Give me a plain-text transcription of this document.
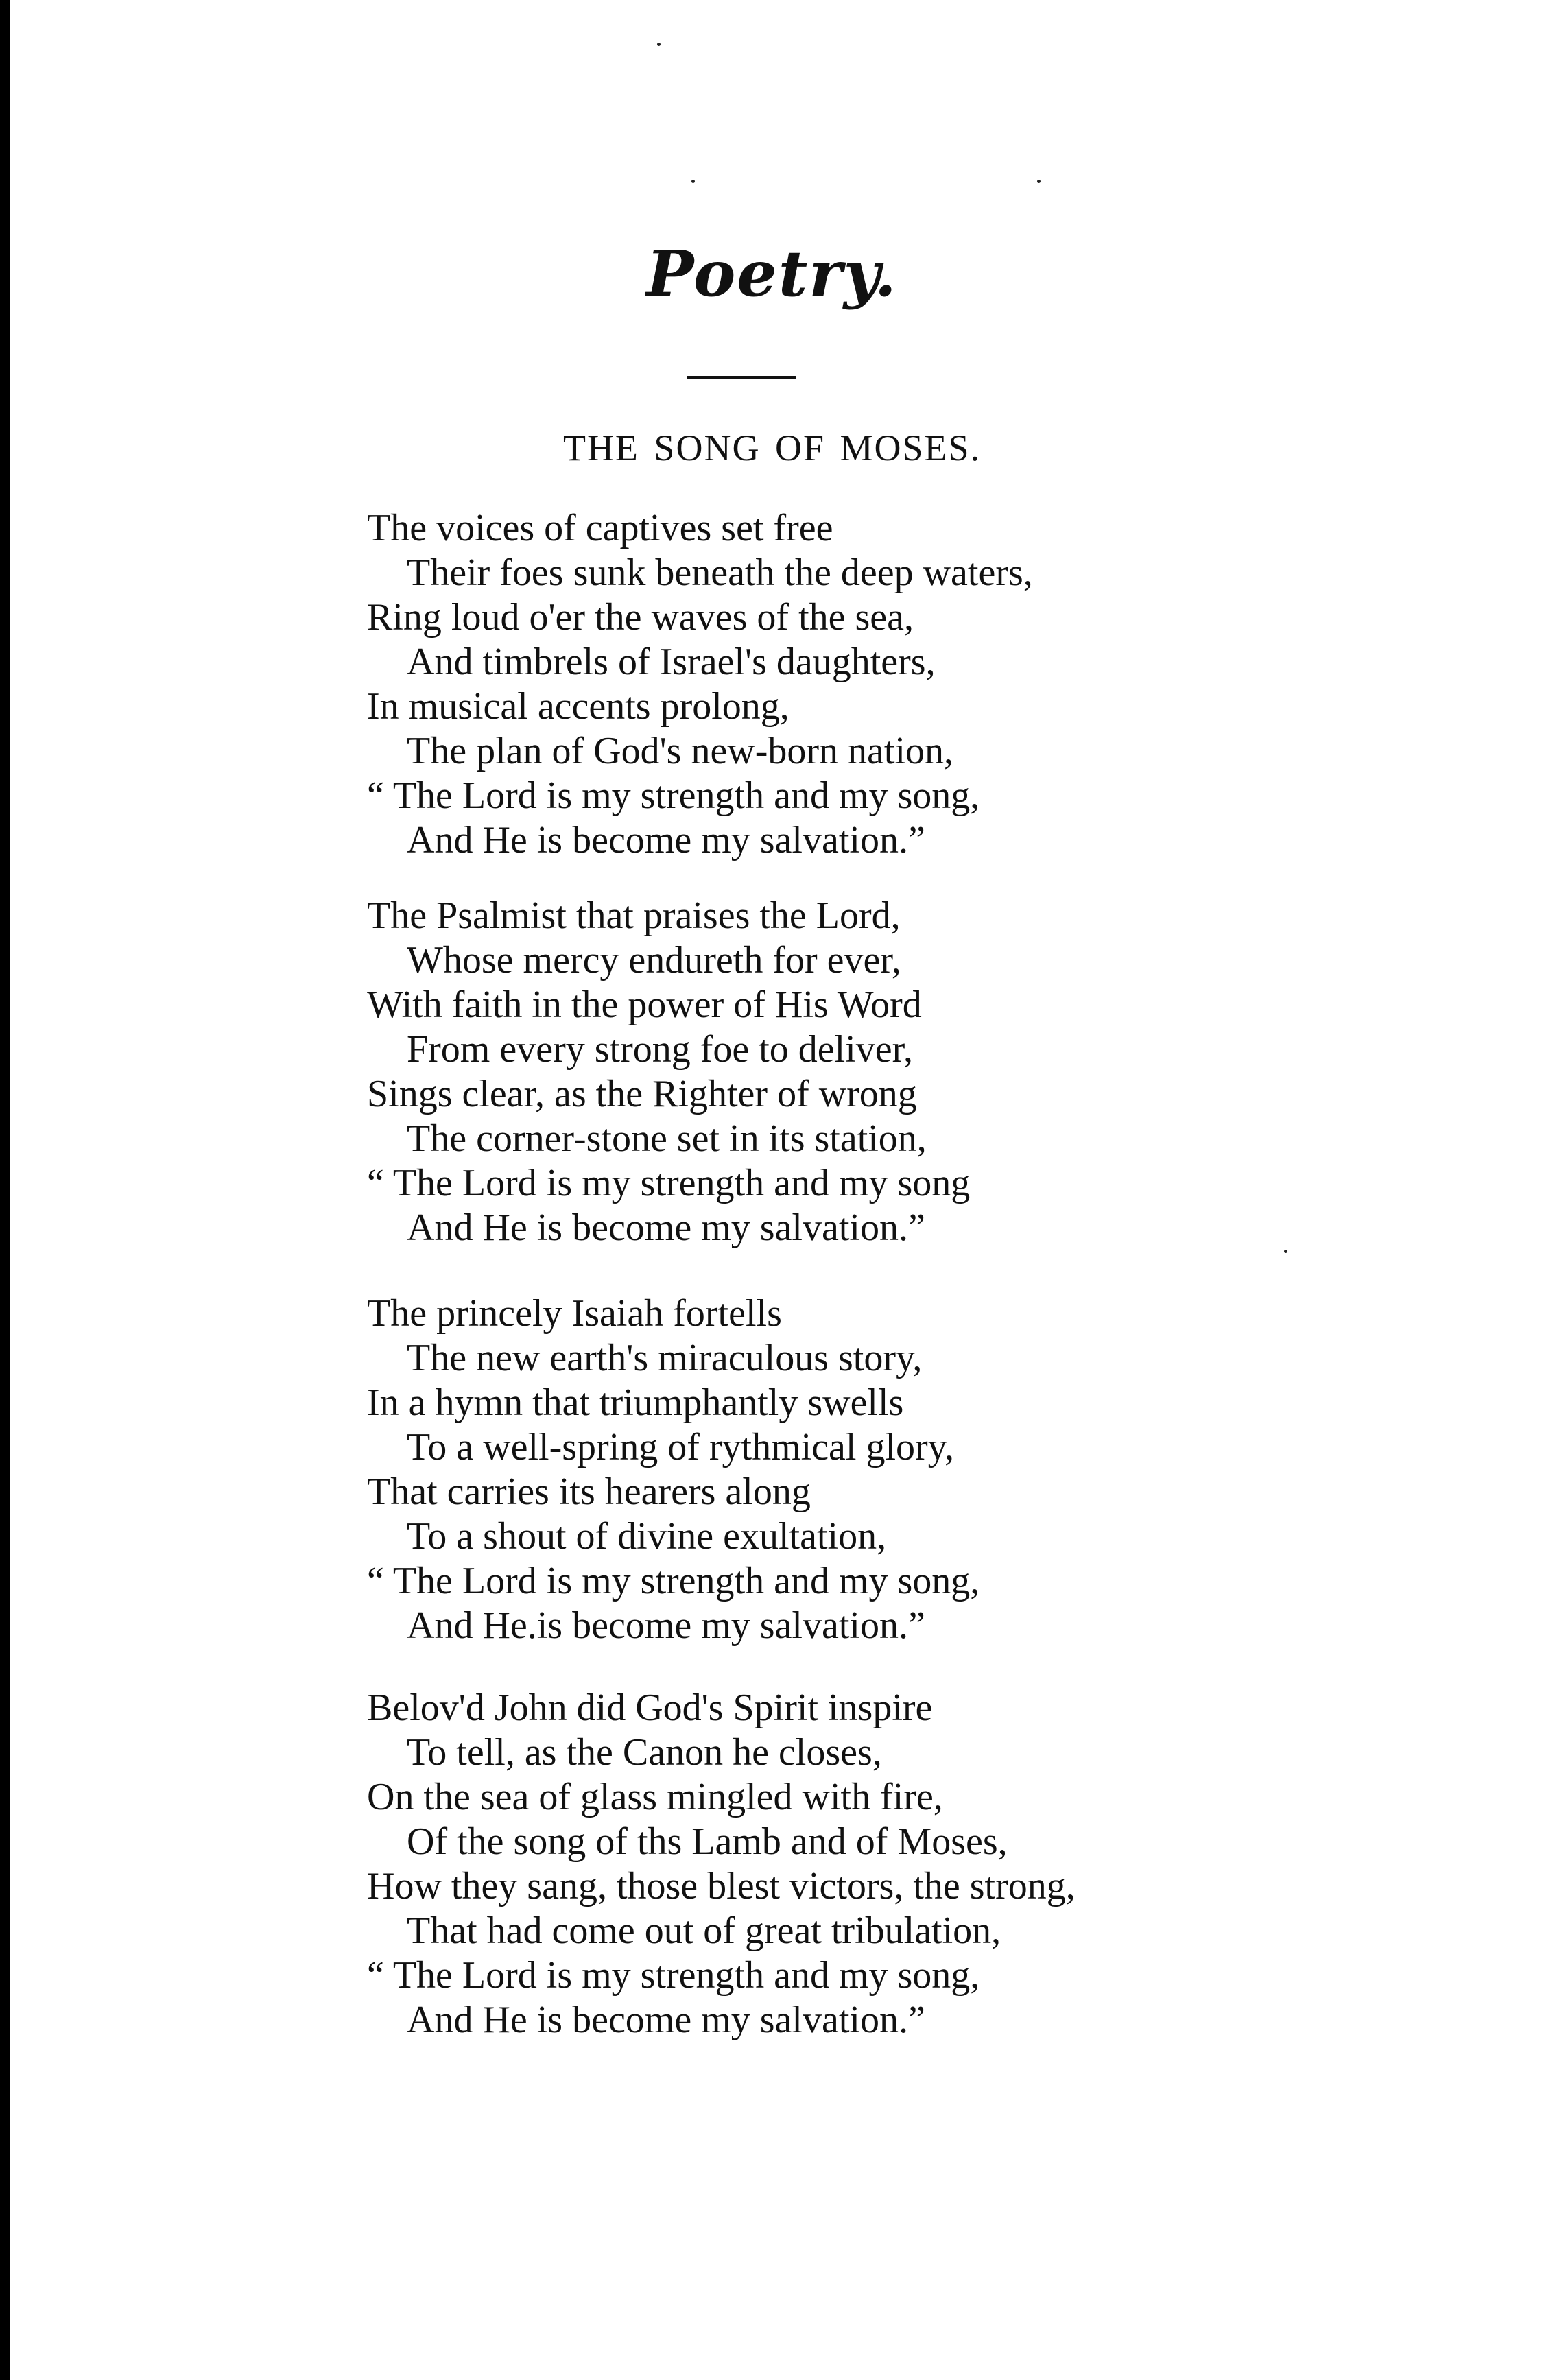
Poetry.
THE SONG OF MOSES.
The voices of captives set free
Their foes sunk beneath the deep waters,
Ring loud o'er the waves of the sea,
And timbrels of Israel's daughters,
In musical accents prolong,
The plan of God's new-born nation,
“ The Lord is my strength and my song,
And He is become my salvation.”
The Psalmist that praises the Lord,
Whose mercy endureth for ever,
With faith in the power of His Word
From every strong foe to deliver,
Sings clear, as the Righter of wrong
The corner-stone set in its station,
“ The Lord is my strength and my song
And He is become my salvation.”
The princely Isaiah fortells
The new earth's miraculous story,
In a hymn that triumphantly swells
To a well-spring of rythmical glory,
That carries its hearers along
To a shout of divine exultation,
“ The Lord is my strength and my song,
And He.is become my salvation.”
Belov'd John did God's Spirit inspire
To tell, as the Canon he closes,
On the sea of glass mingled with fire,
Of the song of ths Lamb and of Moses,
How they sang, those blest victors, the strong,
That had come out of great tribulation,
“ The Lord is my strength and my song,
And He is become my salvation.”
